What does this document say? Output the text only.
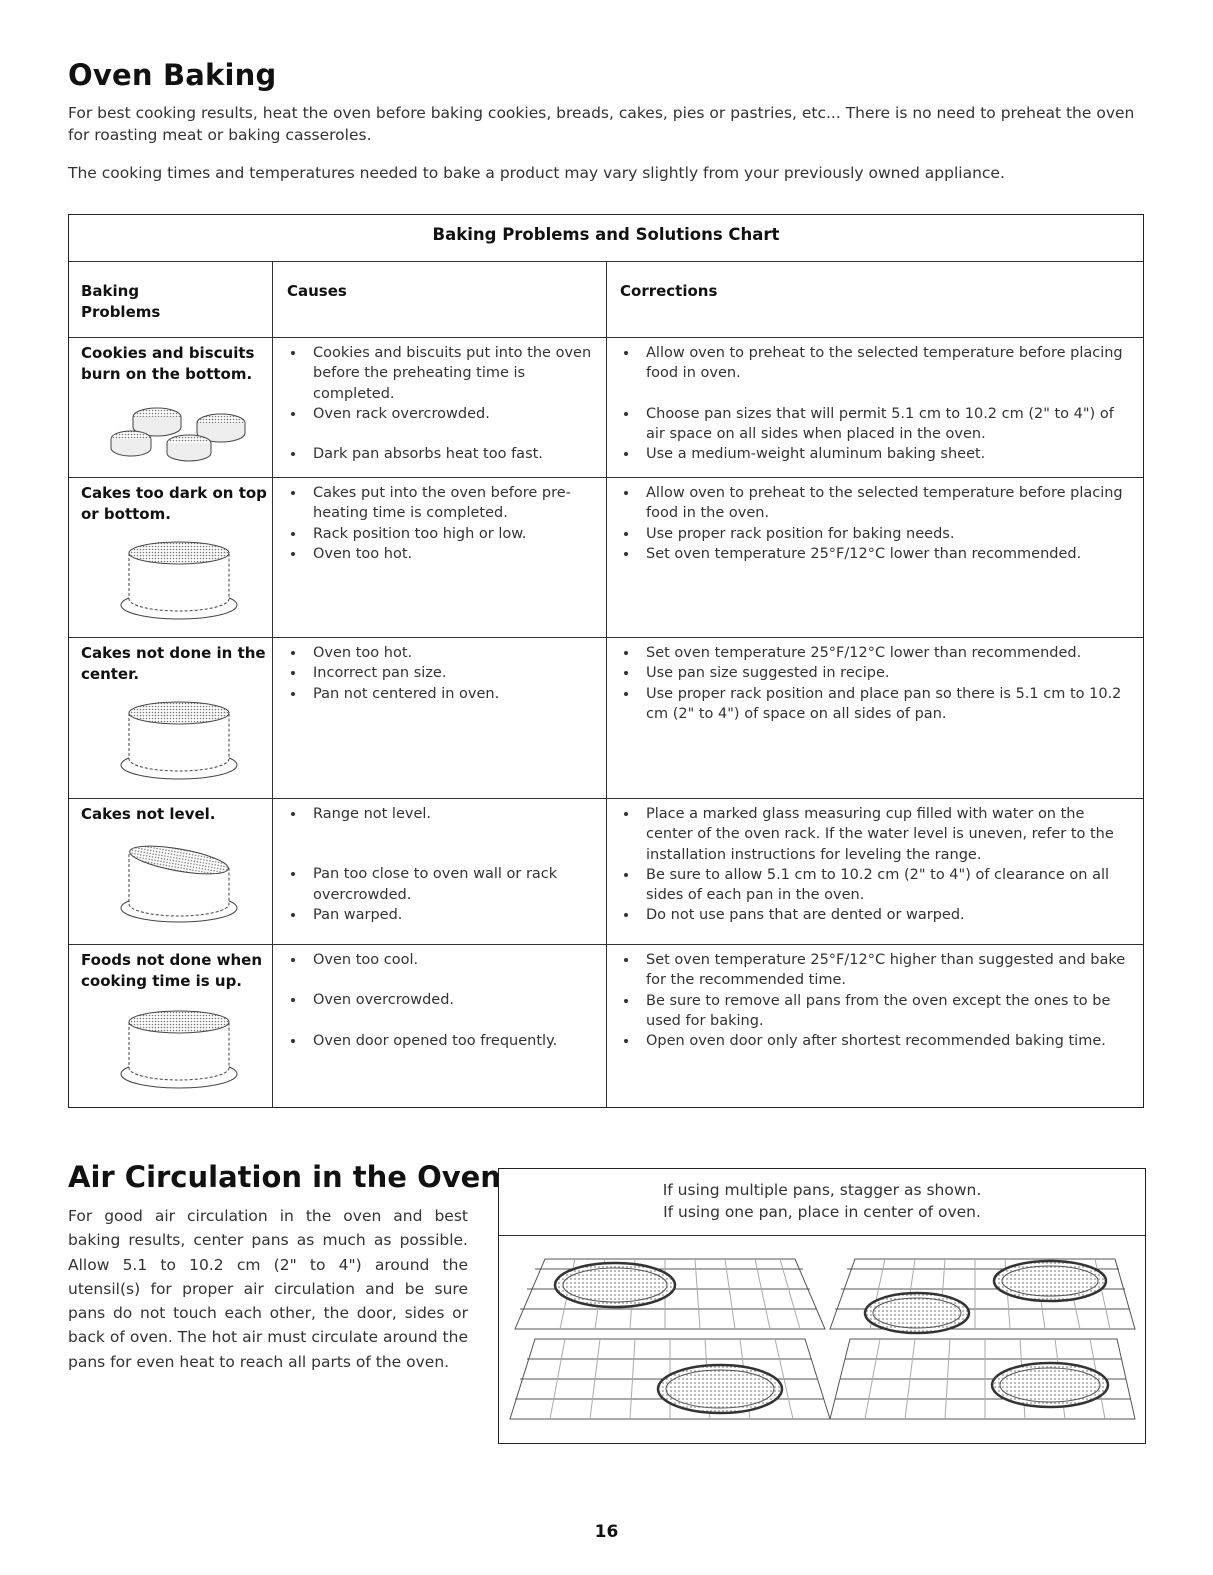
Oven Baking

For best cooking results, heat the oven before baking cookies, breads, cakes, pies or pastries, etc... There is no need to preheat the oven for roasting meat or baking casseroles.

The cooking times and temperatures needed to bake a product may vary slightly from your previously owned appliance.

Baking Problems and Solutions Chart
Baking Problems
Causes	Corrections
Cookies and biscuits burn on the bottom.
Cookies and biscuits put into the oven before the preheating time is completed.
Oven rack overcrowded.
Dark pan absorbs heat too fast.
Allow oven to preheat to the selected temperature before placing food in oven.
Choose pan sizes that will permit 5.1 cm to 10.2 cm (2" to 4") of air space on all sides when placed in the oven.
Use a medium-weight aluminum baking sheet.
Cakes too dark on top or bottom.
Cakes put into the oven before pre-heating time is completed.
Rack position too high or low.
Oven too hot.
Allow oven to preheat to the selected temperature before placing food in the oven.
Use proper rack position for baking needs.
Set oven temperature 25°F/12°C lower than recommended.
Cakes not done in the center.
Oven too hot.
Incorrect pan size.
Pan not centered in oven.
Set oven temperature 25°F/12°C lower than recommended.
Use pan size suggested in recipe.
Use proper rack position and place pan so there is 5.1 cm to 10.2 cm (2" to 4") of space on all sides of pan.
Cakes not level.	Range not level.
Pan too close to oven wall or rack overcrowded.
Pan warped.
Place a marked glass measuring cup filled with water on the center of the oven rack. If the water level is uneven, refer to the installation instructions for leveling the range.
Be sure to allow 5.1 cm to 10.2 cm (2" to 4") of clearance on all sides of each pan in the oven.
Do not use pans that are dented or warped.
Foods not done when cooking time is up.
Oven too cool.
Oven overcrowded.
Oven door opened too frequently.
Set oven temperature 25°F/12°C higher than suggested and bake for the recommended time.
Be sure to remove all pans from the oven except the ones to be used for baking.
Open oven door only after shortest recommended baking time.
Air Circulation in the Oven

For good air circulation in the oven and best baking results, center pans as much as possible. Allow 5.1 to 10.2 cm (2" to 4") around the utensil(s) for proper air circulation and be sure pans do not touch each other, the door, sides or back of oven. The hot air must circulate around the pans for even heat to reach all parts of the oven.

If using multiple pans, stagger as shown.
If using one pan, place in center of oven.
16
